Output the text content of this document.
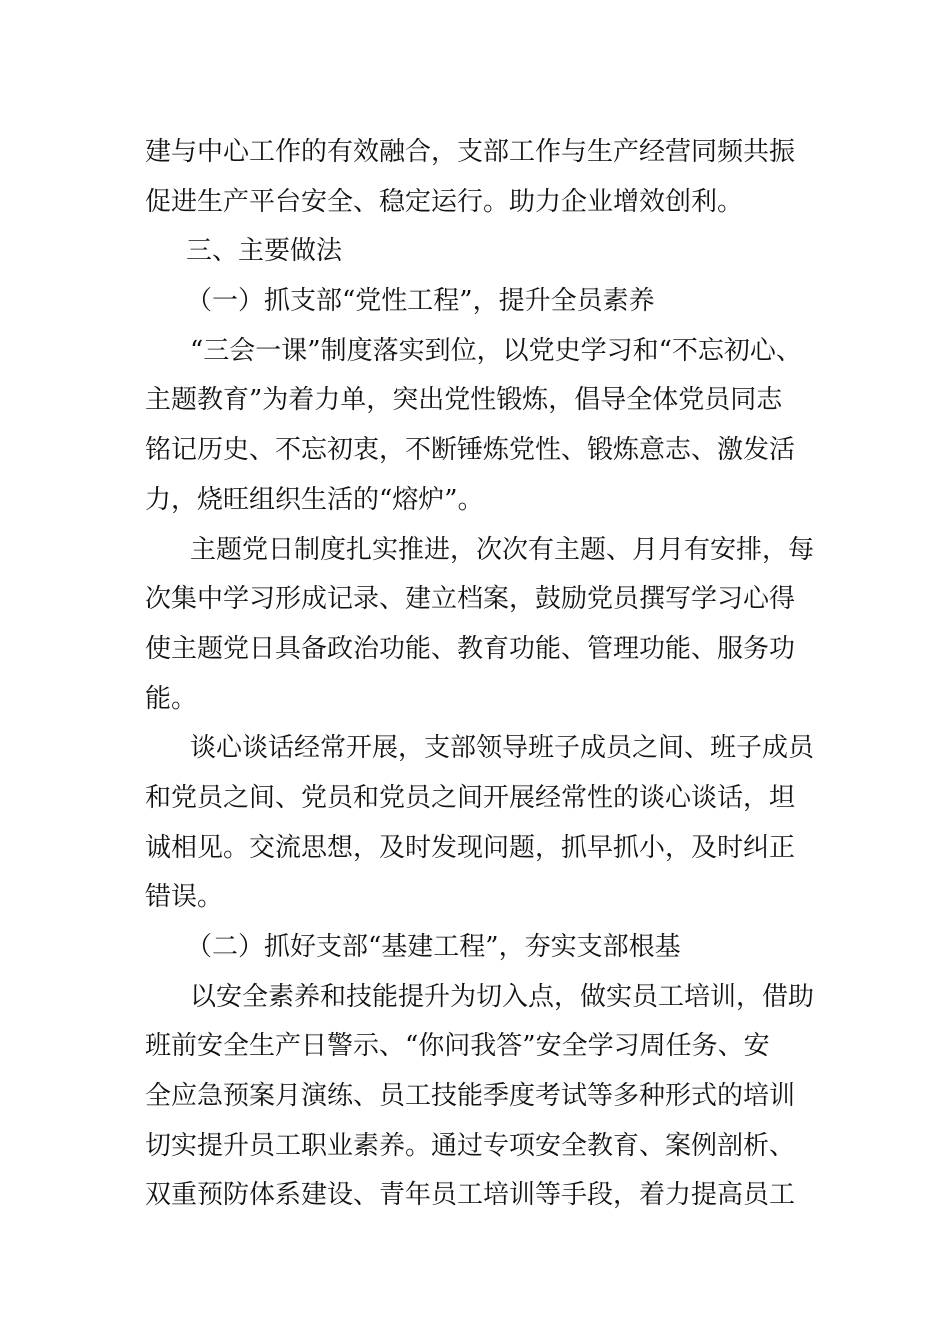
建与中心工作的有效融合，支部工作与生产经营同频共振
促进生产平台安全、稳定运行。助力企业增效创利。
三、主要做法
（一）抓支部“党性工程”，提升全员素养
“三会一课”制度落实到位，以党史学习和“不忘初心、
主题教育”为着力单，突出党性锻炼，倡导全体党员同志
铭记历史、不忘初衷，不断锤炼党性、锻炼意志、激发活
力，烧旺组织生活的“熔炉”。
主题党日制度扎实推进，次次有主题、月月有安排，每
次集中学习形成记录、建立档案，鼓励党员撰写学习心得
使主题党日具备政治功能、教育功能、管理功能、服务功
能。
谈心谈话经常开展，支部领导班子成员之间、班子成员
和党员之间、党员和党员之间开展经常性的谈心谈话，坦
诚相见。交流思想，及时发现问题，抓早抓小，及时纠正
错误。
（二）抓好支部“基建工程”，夯实支部根基
以安全素养和技能提升为切入点，做实员工培训，借助
班前安全生产日警示、“你问我答”安全学习周任务、安
全应急预案月演练、员工技能季度考试等多种形式的培训
切实提升员工职业素养。通过专项安全教育、案例剖析、
双重预防体系建设、青年员工培训等手段，着力提高员工
